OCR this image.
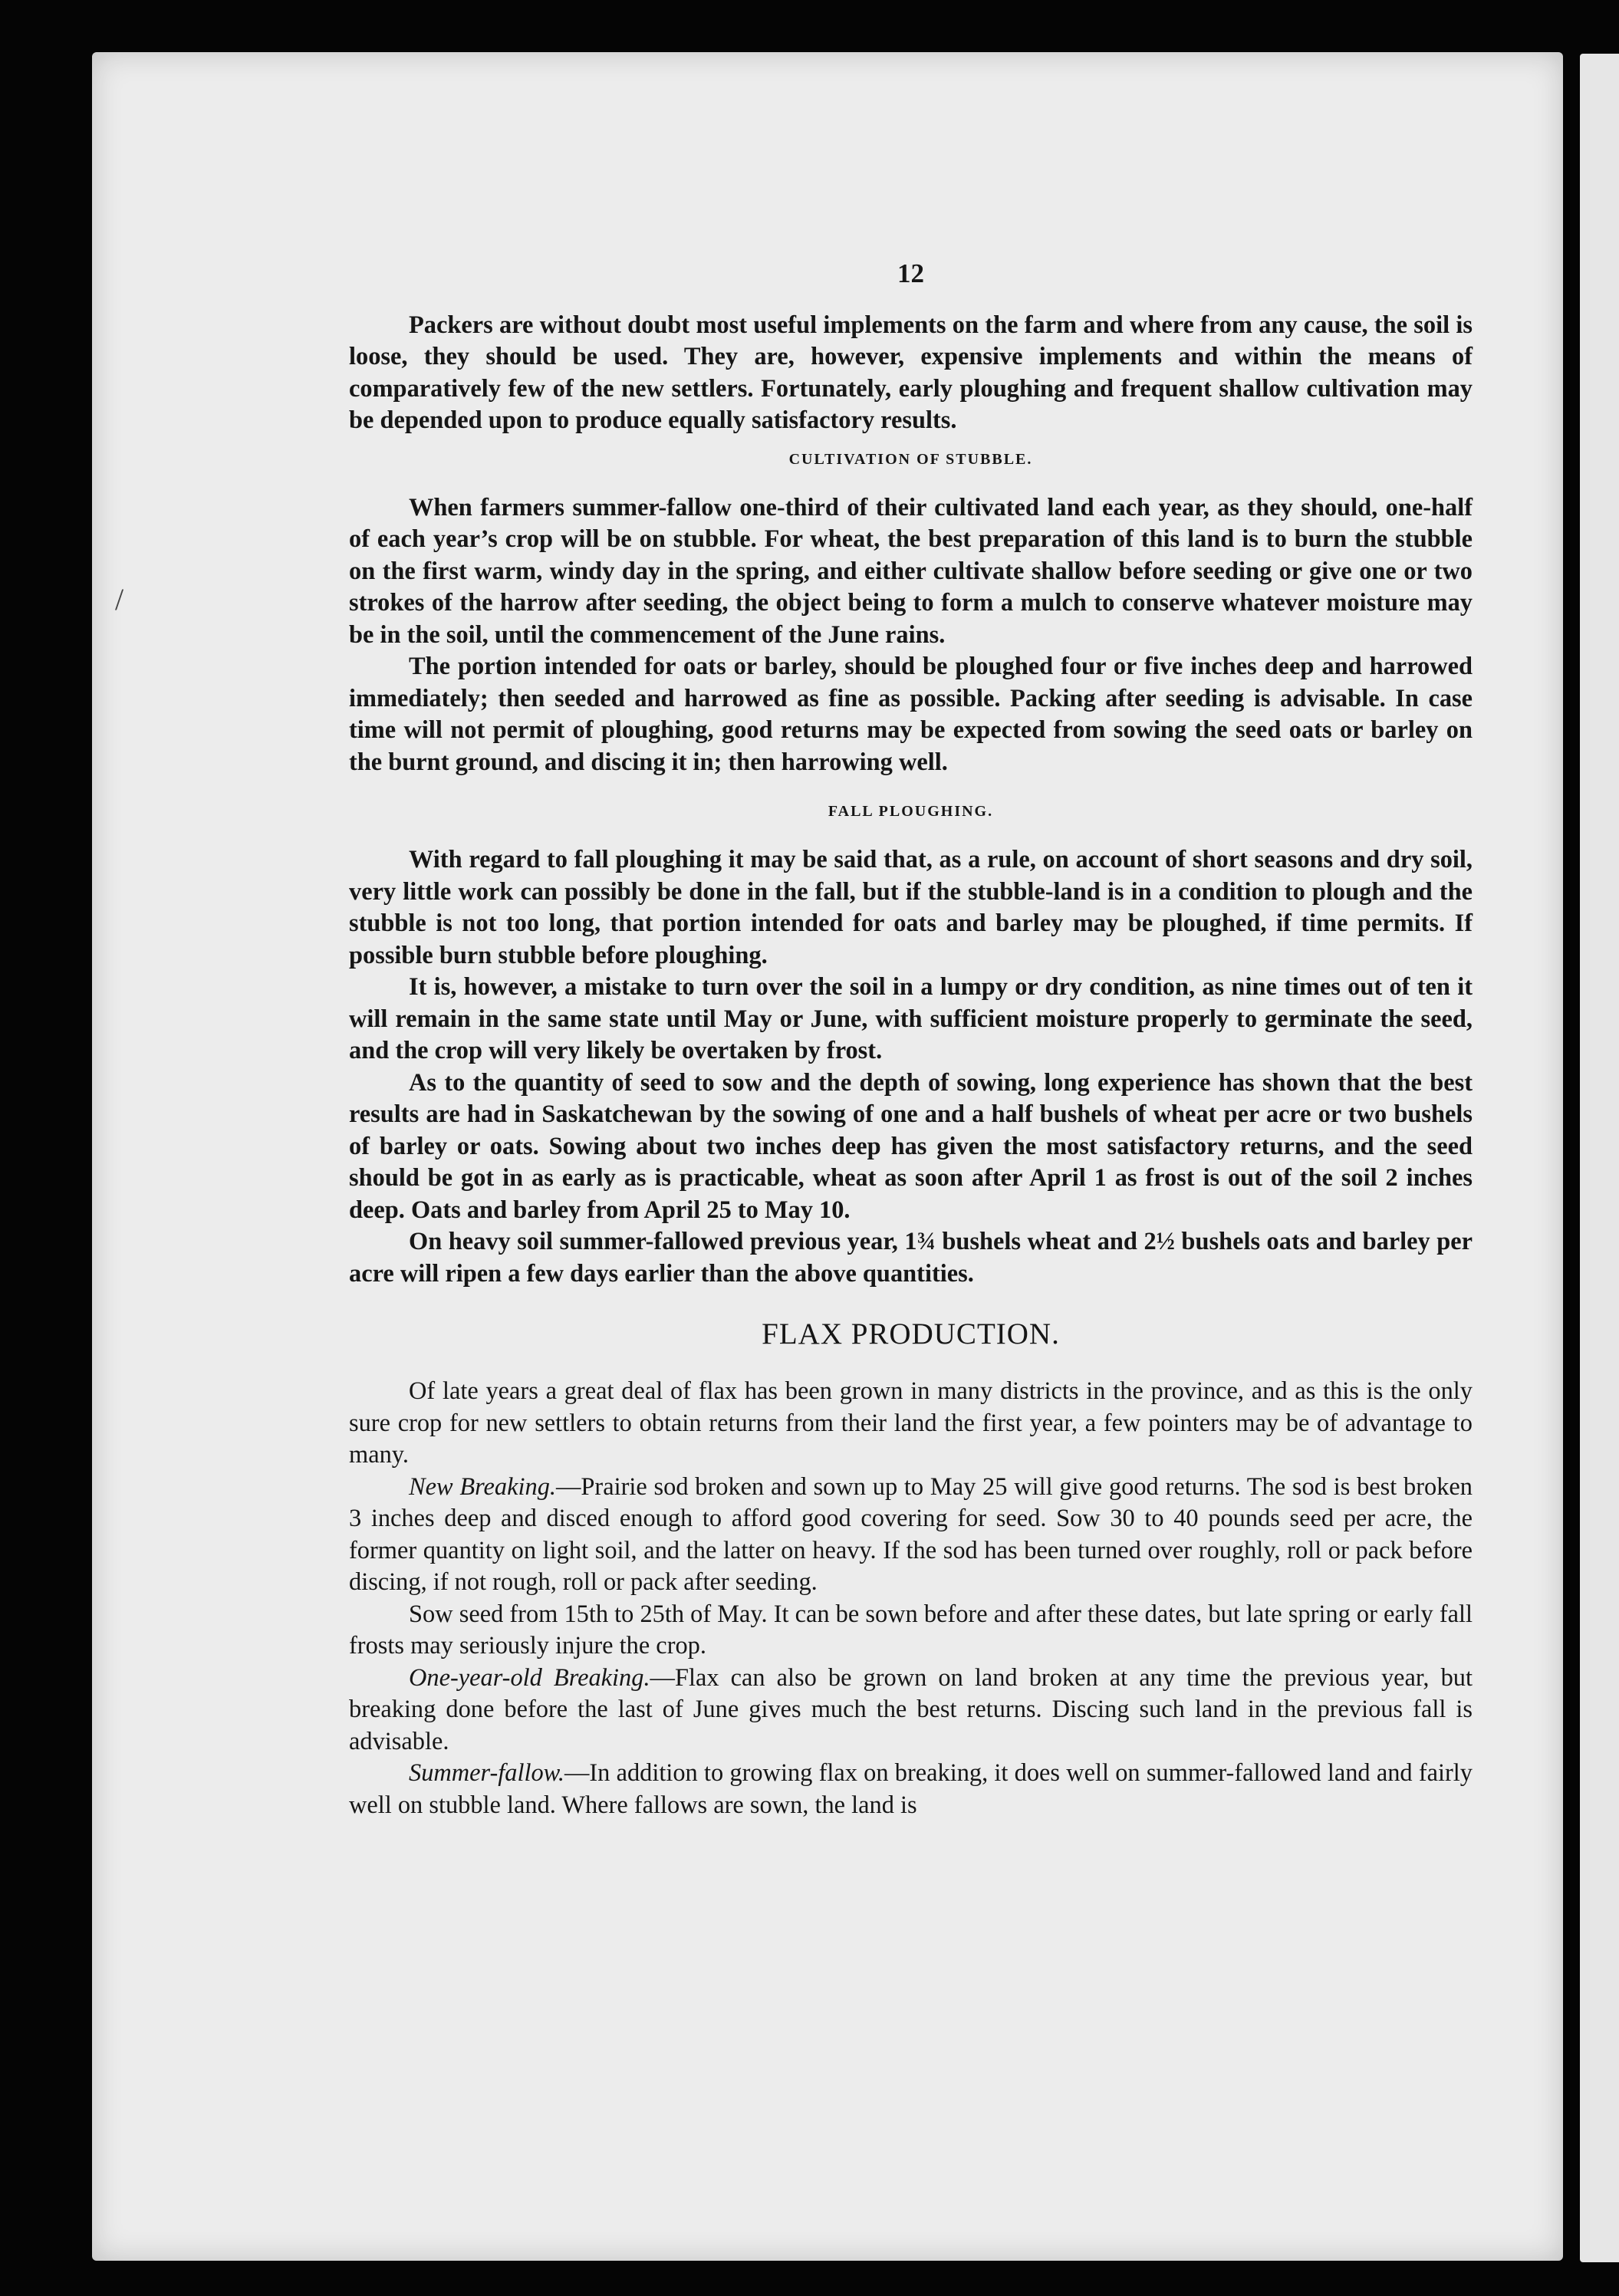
/
12

Packers are without doubt most useful implements on the farm and where from any cause, the soil is loose, they should be used. They are, however, expensive implements and within the means of comparatively few of the new settlers. Fortunately, early ploughing and frequent shallow cultivation may be depended upon to produce equally satisfactory results.

CULTIVATION OF STUBBLE.

When farmers summer-fallow one-third of their cultivated land each year, as they should, one-half of each year’s crop will be on stubble. For wheat, the best preparation of this land is to burn the stubble on the first warm, windy day in the spring, and either cultivate shallow before seeding or give one or two strokes of the harrow after seeding, the object being to form a mulch to conserve whatever moisture may be in the soil, until the commencement of the June rains.

The portion intended for oats or barley, should be ploughed four or five inches deep and harrowed immediately; then seeded and harrowed as fine as possible. Packing after seeding is advisable. In case time will not permit of ploughing, good returns may be expected from sowing the seed oats or barley on the burnt ground, and discing it in; then harrowing well.

FALL PLOUGHING.

With regard to fall ploughing it may be said that, as a rule, on account of short seasons and dry soil, very little work can possibly be done in the fall, but if the stubble-land is in a condition to plough and the stubble is not too long, that portion intended for oats and barley may be ploughed, if time permits. If possible burn stubble before ploughing.

It is, however, a mistake to turn over the soil in a lumpy or dry condition, as nine times out of ten it will remain in the same state until May or June, with sufficient moisture properly to germinate the seed, and the crop will very likely be overtaken by frost.

As to the quantity of seed to sow and the depth of sowing, long experience has shown that the best results are had in Saskatchewan by the sowing of one and a half bushels of wheat per acre or two bushels of barley or oats. Sowing about two inches deep has given the most satisfactory returns, and the seed should be got in as early as is practicable, wheat as soon after April 1 as frost is out of the soil 2 inches deep. Oats and barley from April 25 to May 10.

On heavy soil summer-fallowed previous year, 1¾ bushels wheat and 2½ bushels oats and barley per acre will ripen a few days earlier than the above quantities.

FLAX PRODUCTION.

Of late years a great deal of flax has been grown in many districts in the province, and as this is the only sure crop for new settlers to obtain returns from their land the first year, a few pointers may be of advantage to many.

New Breaking.—Prairie sod broken and sown up to May 25 will give good returns. The sod is best broken 3 inches deep and disced enough to afford good covering for seed. Sow 30 to 40 pounds seed per acre, the former quantity on light soil, and the latter on heavy. If the sod has been turned over roughly, roll or pack before discing, if not rough, roll or pack after seeding.

Sow seed from 15th to 25th of May. It can be sown before and after these dates, but late spring or early fall frosts may seriously injure the crop.

One-year-old Breaking.—Flax can also be grown on land broken at any time the previous year, but breaking done before the last of June gives much the best returns. Discing such land in the previous fall is advisable.

Summer-fallow.—In addition to growing flax on breaking, it does well on summer-fallowed land and fairly well on stubble land. Where fallows are sown, the land is
